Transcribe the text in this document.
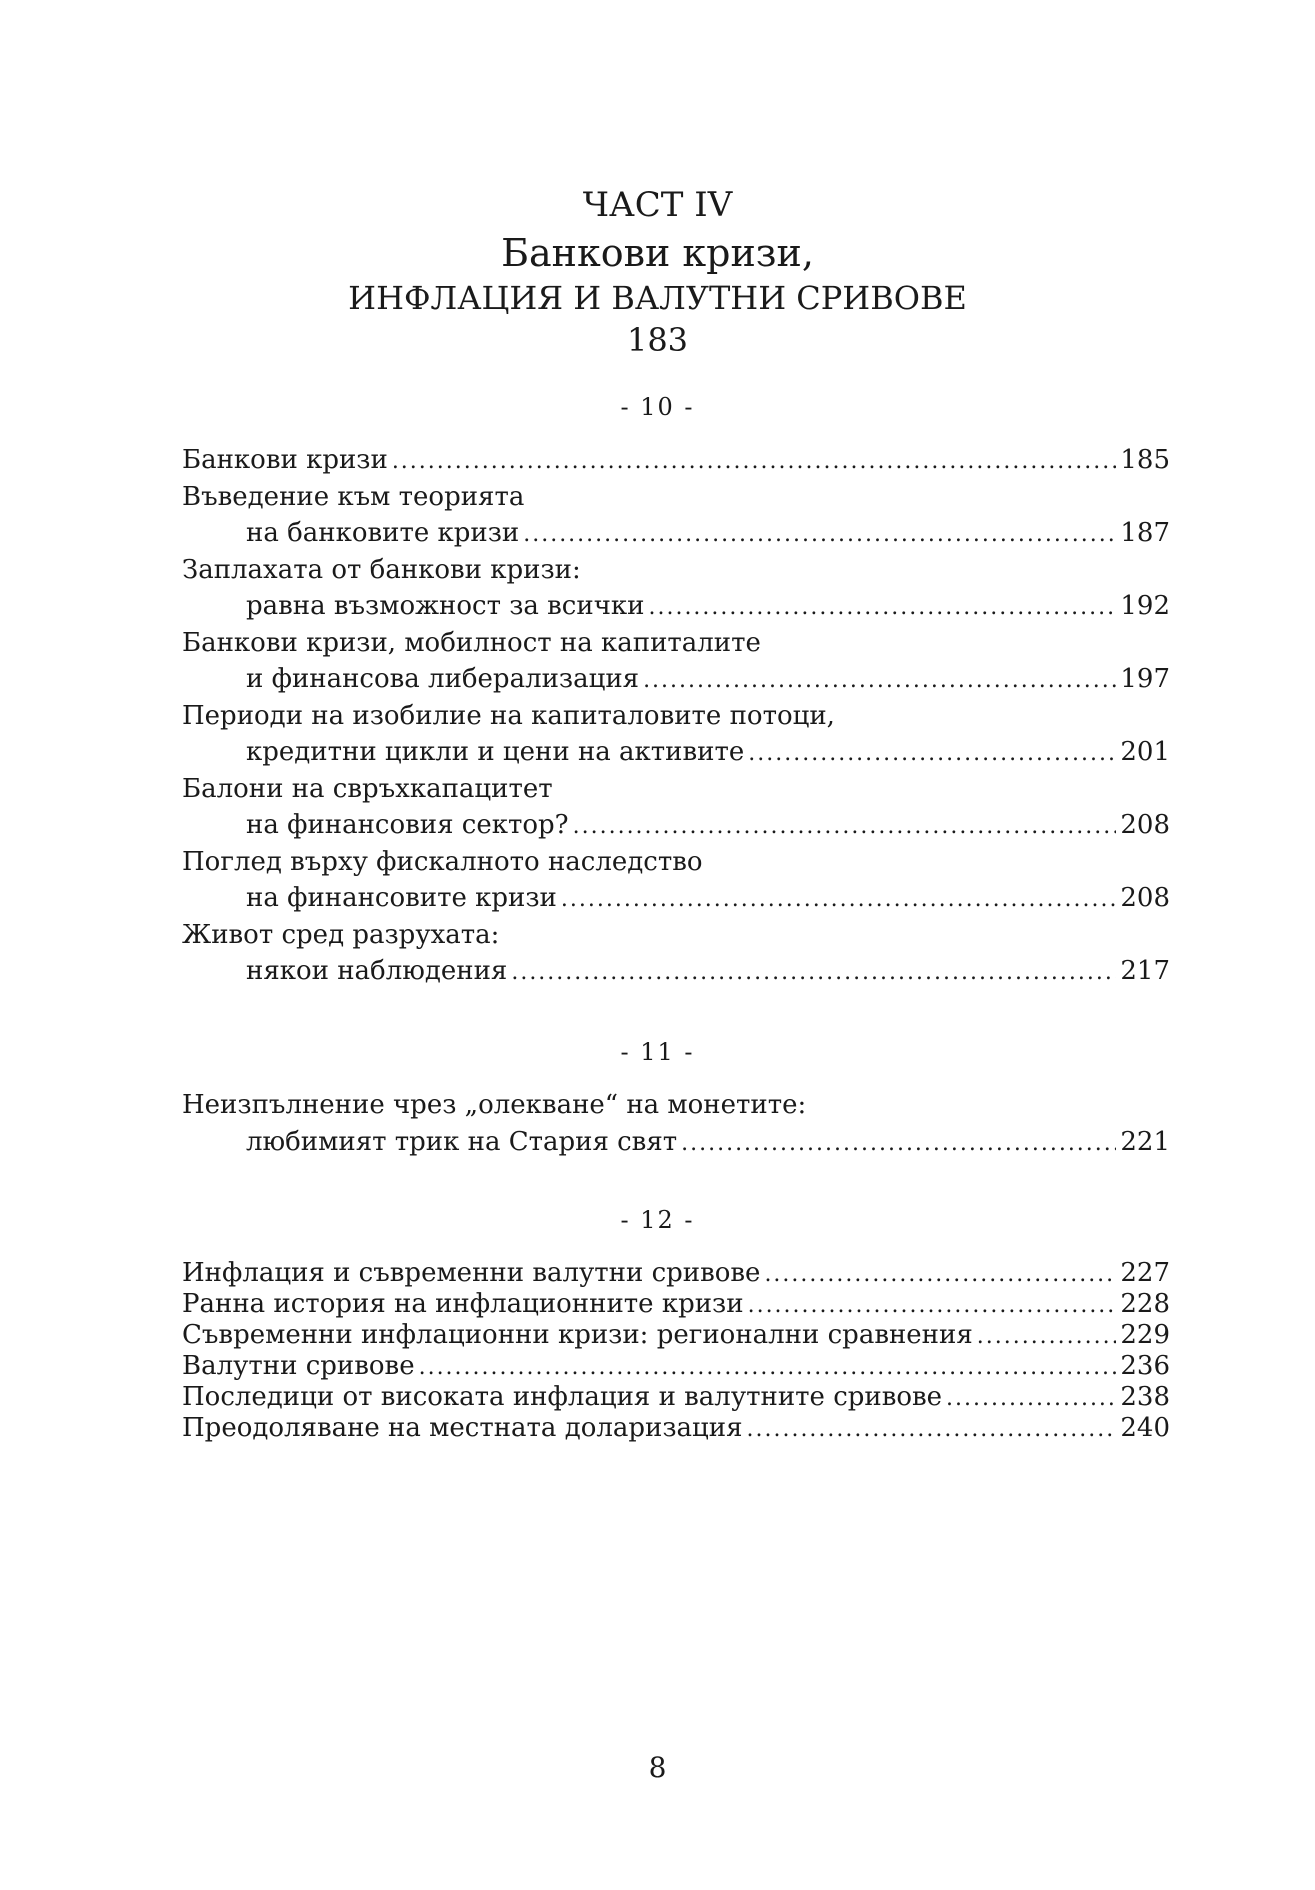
ЧАСТ IV
Банкови кризи,
ИНФЛАЦИЯ И ВАЛУТНИ СРИВОВЕ
183
- 10 -
Банкови кризи .....	185
Въведение към теорията
на банковите кризи .....	187
Заплахата от банкови кризи:
равна възможност за всички .....	192
Банкови кризи, мобилност на капиталите
и финансова либерализация .....	197
Периоди на изобилие на капиталовите потоци,
кредитни цикли и цени на активите .....	201
Балони на свръхкапацитет
на финансовия сектор? .....	208
Поглед върху фискалното наследство
на финансовите кризи .....	208
Живот сред разрухата:
някои наблюдения .....	217
- 11 -
Неизпълнение чрез „олекване“ на монетите:
любимият трик на Стария свят .....	221
- 12 -
Инфлация и съвременни валутни сривове .....	227
Ранна история на инфлационните кризи .....	228
Съвременни инфлационни кризи: регионални сравнения .....	229
Валутни сривове .....	236
Последици от високата инфлация и валутните сривове .....	238
Преодоляване на местната доларизация .....	240
8
